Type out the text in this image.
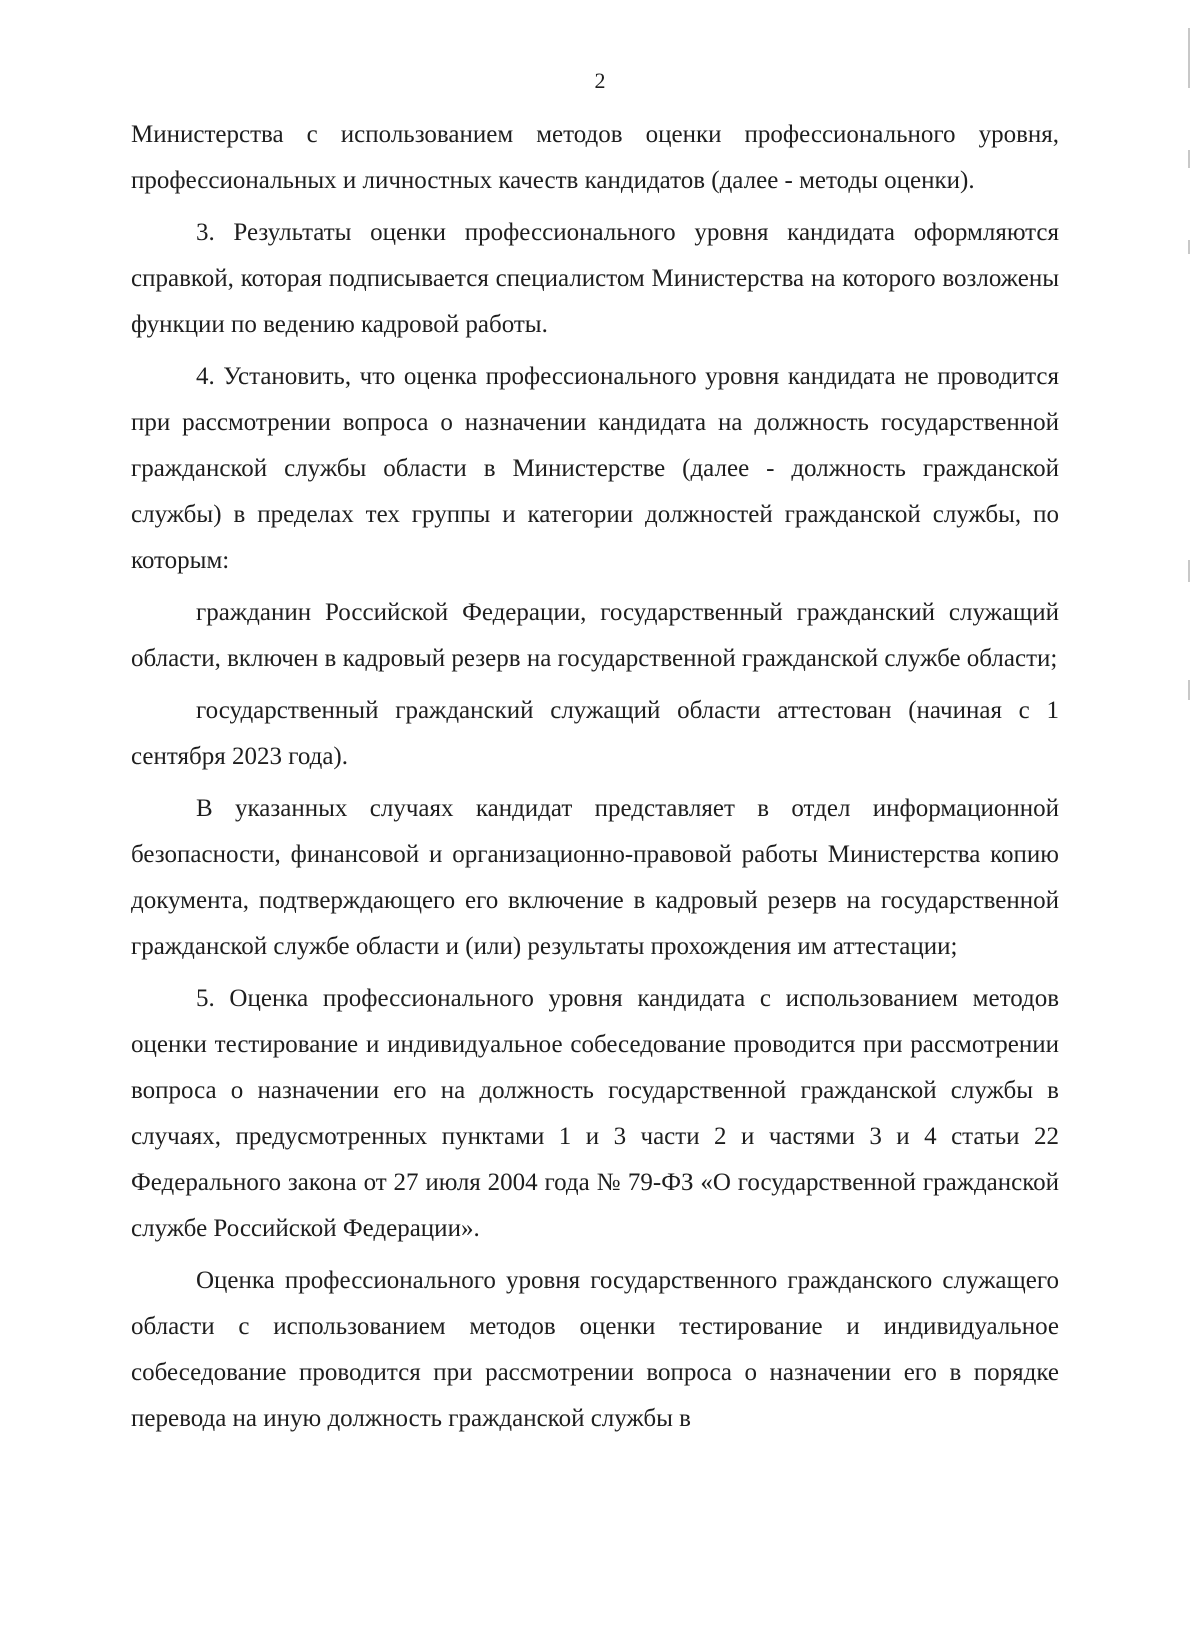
2

Министерства с использованием методов оценки профессионального уровня, профессиональных и личностных качеств кандидатов (далее - методы оценки).

3. Результаты оценки профессионального уровня кандидата оформляются справкой, которая подписывается специалистом Министерства на которого возложены функции по ведению кадровой работы.

4. Установить, что оценка профессионального уровня кандидата не проводится при рассмотрении вопроса о назначении кандидата на должность государственной гражданской службы области в Министерстве (далее - должность гражданской службы) в пределах тех группы и категории должностей гражданской службы, по которым:

гражданин Российской Федерации, государственный гражданский служащий области, включен в кадровый резерв на государственной гражданской службе области;

государственный гражданский служащий области аттестован (начиная с 1 сентября 2023 года).

В указанных случаях кандидат представляет в отдел информационной безопасности, финансовой и организационно-правовой работы Министерства копию документа, подтверждающего его включение в кадровый резерв на государственной гражданской службе области и (или) результаты прохождения им аттестации;

5. Оценка профессионального уровня кандидата с использованием методов оценки тестирование и индивидуальное собеседование проводится при рассмотрении вопроса о назначении его на должность государственной гражданской службы в случаях, предусмотренных пунктами 1 и 3 части 2 и частями 3 и 4 статьи 22 Федерального закона от 27 июля 2004 года № 79-ФЗ «О государственной гражданской службе Российской Федерации».

Оценка профессионального уровня государственного гражданского служащего области с использованием методов оценки тестирование и индивидуальное собеседование проводится при рассмотрении вопроса о назначении его в порядке перевода на иную должность гражданской службы в
